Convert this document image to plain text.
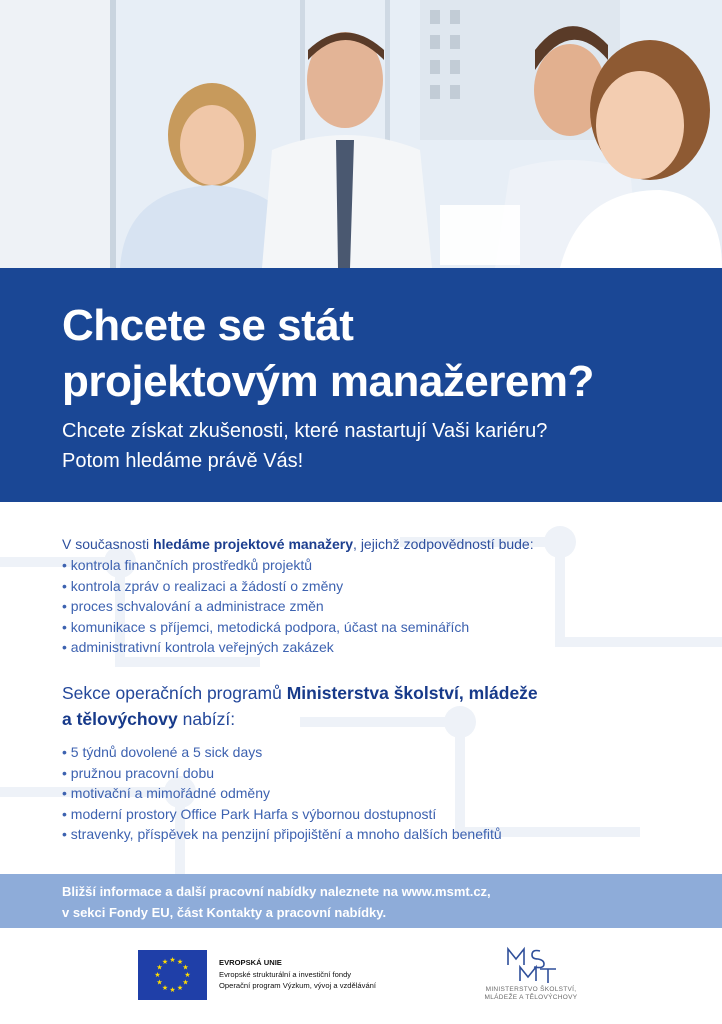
Chcete se stát
projektovým manažerem?
Chcete získat zkušenosti, které nastartují Vaši kariéru?
Potom hledáme právě Vás!

V současnosti hledáme projektové manažery, jejichž zodpovědností bude:

• kontrola finančních prostředků projektů
• kontrola zpráv o realizaci a žádostí o změny
• proces schvalování a administrace změn
• komunikace s příjemci, metodická podpora, účast na seminářích
• administrativní kontrola veřejných zakázek

Sekce operačních programů Ministerstva školství, mládeže
a tělovýchovy nabízí:

• 5 týdnů dovolené a 5 sick days
• pružnou pracovní dobu
• motivační a mimořádné odměny
• moderní prostory Office Park Harfa s výbornou dostupností
• stravenky, příspěvek na penzijní připojištění a mnoho dalších benefitů

Bližší informace a další pracovní nabídky naleznete na www.msmt.cz,
v sekci Fondy EU, část Kontakty a pracovní nabídky.

★ ★
★
★
★
★
★
★
★
★
★
★	EVROPSKÁ UNIE
Evropské strukturální a investiční fondy
Operační program Výzkum, vývoj a vzdělávání	MINISTERSTVO ŠKOLSTVÍ,
MLÁDEŽE A TĚLOVÝCHOVY
